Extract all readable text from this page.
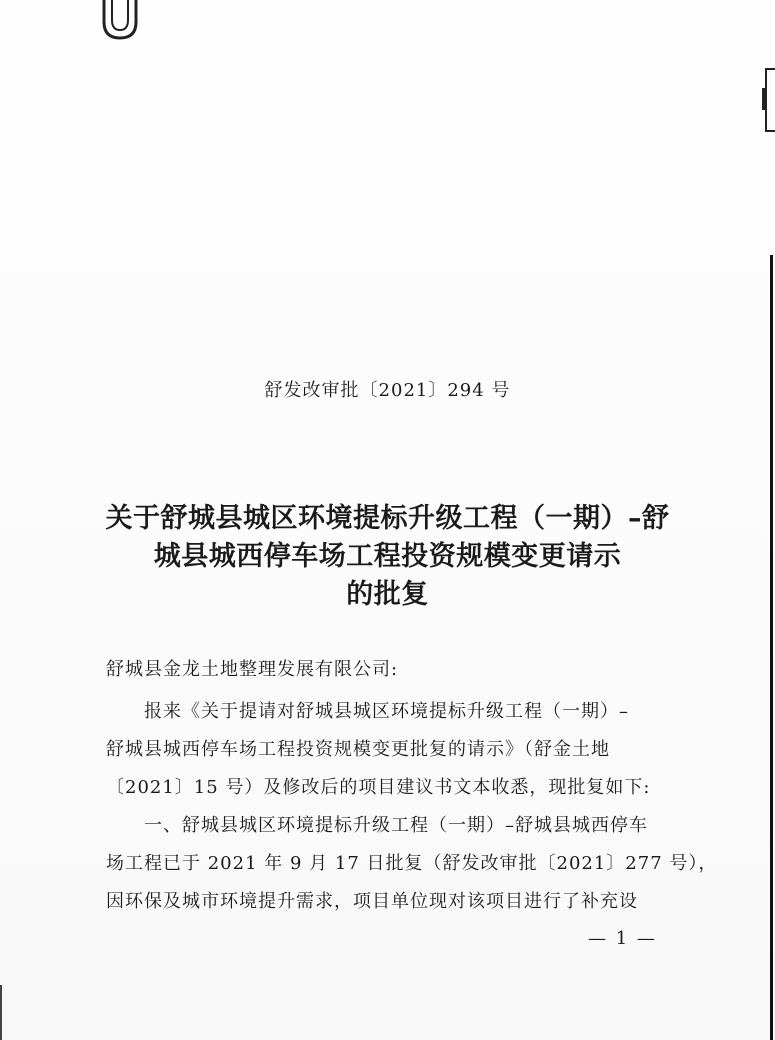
舒发改审批〔2021〕294 号
关于舒城县城区环境提标升级工程（一期）–舒
城县城西停车场工程投资规模变更请示
的批复
舒城县金龙土地整理发展有限公司:
报来《关于提请对舒城县城区环境提标升级工程（一期）–
舒城县城西停车场工程投资规模变更批复的请示》（舒金土地
〔2021〕15 号）及修改后的项目建议书文本收悉，现批复如下:
一、舒城县城区环境提标升级工程（一期）–舒城县城西停车
场工程已于 2021 年 9 月 17 日批复（舒发改审批〔2021〕277 号），
因环保及城市环境提升需求，项目单位现对该项目进行了补充设
— 1 —
